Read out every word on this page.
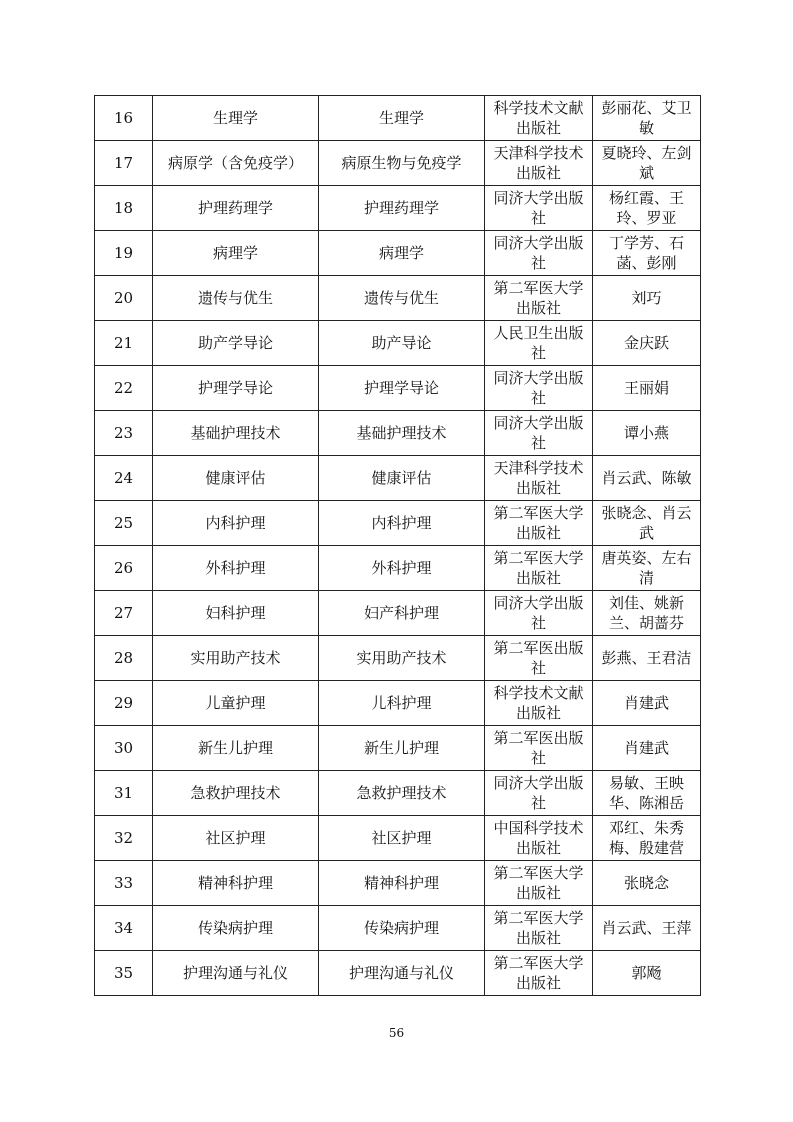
16	生理学	生理学	科学技术文献出版社	彭丽花、艾卫敏
17	病原学（含免疫学）	病原生物与免疫学	天津科学技术出版社	夏晓玲、左剑斌
18	护理药理学	护理药理学	同济大学出版社	杨红霞、王玲、罗亚
19	病理学	病理学	同济大学出版社	丁学芳、石菡、彭刚
20	遗传与优生	遗传与优生	第二军医大学出版社	刘巧
21	助产学导论	助产导论	人民卫生出版社	金庆跃
22	护理学导论	护理学导论	同济大学出版社	王丽娟
23	基础护理技术	基础护理技术	同济大学出版社	谭小燕
24	健康评估	健康评估	天津科学技术出版社	肖云武、陈敏
25	内科护理	内科护理	第二军医大学出版社	张晓念、肖云武
26	外科护理	外科护理	第二军医大学出版社	唐英姿、左右清
27	妇科护理	妇产科护理	同济大学出版社	刘佳、姚新兰、胡蔷芬
28	实用助产技术	实用助产技术	第二军医出版社	彭燕、王君洁
29	儿童护理	儿科护理	科学技术文献出版社	肖建武
30	新生儿护理	新生儿护理	第二军医出版社	肖建武
31	急救护理技术	急救护理技术	同济大学出版社	易敏、王映华、陈湘岳
32	社区护理	社区护理	中国科学技术出版社	邓红、朱秀梅、殷建营
33	精神科护理	精神科护理	第二军医大学出版社	张晓念
34	传染病护理	传染病护理	第二军医大学出版社	肖云武、王萍
35	护理沟通与礼仪	护理沟通与礼仪	第二军医大学出版社	郭飏
56
